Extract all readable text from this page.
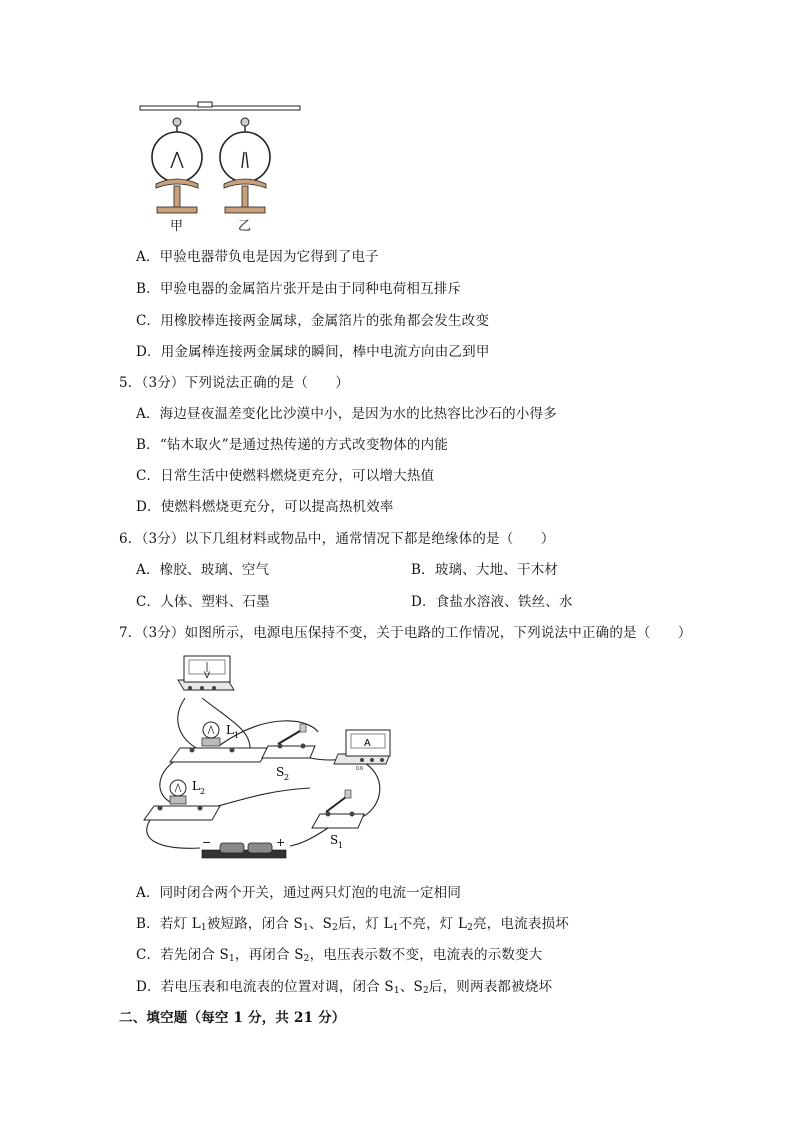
甲	乙
A．甲验电器带负电是因为它得到了电子
B．甲验电器的金属箔片张开是由于同种电荷相互排斥
C．用橡胶棒连接两金属球，金属箔片的张角都会发生改变
D．用金属棒连接两金属球的瞬间，棒中电流方向由乙到甲
5．（3分）下列说法正确的是（　　）
A．海边昼夜温差变化比沙漠中小，是因为水的比热容比沙石的小得多
B．“钻木取火”是通过热传递的方式改变物体的内能
C．日常生活中使燃料燃烧更充分，可以增大热值
D．使燃料燃烧更充分，可以提高热机效率
6．（3分）以下几组材料或物品中，通常情况下都是绝缘体的是（　　）
A．橡胶、玻璃、空气	B．玻璃、大地、干木材
C．人体、塑料、石墨	D．食盐水溶液、铁丝、水
7．（3分）如图所示，电源电压保持不变，关于电路的工作情况，下列说法中正确的是（　　）
V
L 1
S 2
A
0.6
L 2
S 1
−	+
A．同时闭合两个开关，通过两只灯泡的电流一定相同
B．若灯 $L_1$被短路，闭合 $S_1$、$S_2$后，灯 $L_1$不亮，灯 $L_2$亮，电流表损坏
C．若先闭合 $S_1$，再闭合 $S_2$，电压表示数不变，电流表的示数变大
D．若电压表和电流表的位置对调，闭合 $S_1$、$S_2$后，则两表都被烧坏
二、填空题（每空 1 分，共 21 分）
